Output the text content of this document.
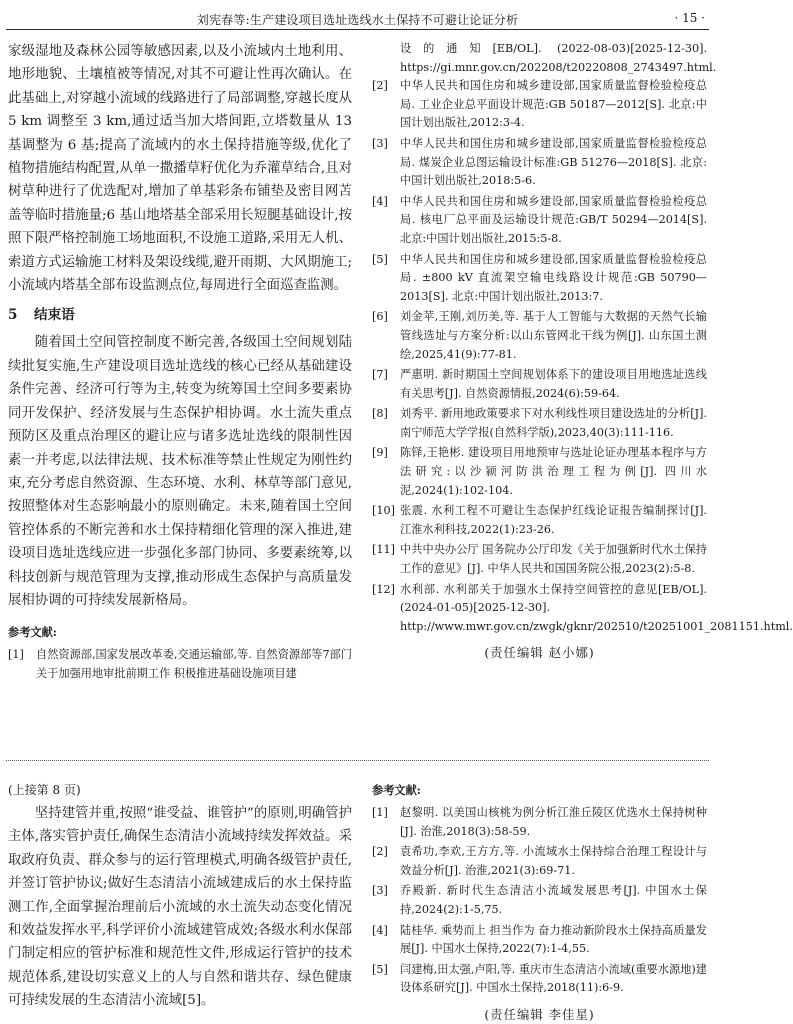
刘宪春等:生产建设项目选址选线水土保持不可避让论证分析	· 15 ·

家级湿地及森林公园等敏感因素,以及小流域内土地利用、地形地貌、土壤植被等情况,对其不可避让性再次确认。在此基础上,对穿越小流域的线路进行了局部调整,穿越长度从 5 km 调整至 3 km,通过适当加大塔间距,立塔数量从 13 基调整为 6 基;提高了流域内的水土保持措施等级,优化了植物措施结构配置,从单一撒播草籽优化为乔灌草结合,且对树草种进行了优选配对,增加了单基彩条布铺垫及密目网苫盖等临时措施量;6 基山地塔基全部采用长短腿基础设计,按照下限严格控制施工场地面积,不设施工道路,采用无人机、索道方式运输施工材料及架设线缆,避开雨期、大风期施工;小流域内塔基全部布设监测点位,每周进行全面巡查监测。

5 结束语

随着国土空间管控制度不断完善,各级国土空间规划陆续批复实施,生产建设项目选址选线的核心已经从基础建设条件完善、经济可行等为主,转变为统筹国土空间多要素协同开发保护、经济发展与生态保护相协调。水土流失重点预防区及重点治理区的避让应与诸多选址选线的限制性因素一并考虑,以法律法规、技术标准等禁止性规定为刚性约束,充分考虑自然资源、生态环境、水利、林草等部门意见,按照整体对生态影响最小的原则确定。未来,随着国土空间管控体系的不断完善和水土保持精细化管理的深入推进,建设项目选址选线应进一步强化多部门协同、多要素统筹,以科技创新与规范管理为支撑,推动形成生态保护与高质量发展相协调的可持续发展新格局。

参考文献:
[1] 自然资源部,国家发展改革委,交通运输部,等. 自然资源部等7部门关于加强用地审批前期工作 积极推进基础设施项目建
设的通知[EB/OL]. (2022-08-03)[2025-12-30]. https://gi.mnr.gov.cn/202208/t20220808_2743497.html.
[2] 中华人民共和国住房和城乡建设部,国家质量监督检验检疫总局. 工业企业总平面设计规范:GB 50187—2012[S]. 北京:中国计划出版社,2012:3-4.
[3] 中华人民共和国住房和城乡建设部,国家质量监督检验检疫总局. 煤炭企业总图运输设计标准:GB 51276—2018[S]. 北京:中国计划出版社,2018:5-6.
[4] 中华人民共和国住房和城乡建设部,国家质量监督检验检疫总局. 核电厂总平面及运输设计规范:GB/T 50294—2014[S]. 北京:中国计划出版社,2015:5-8.
[5] 中华人民共和国住房和城乡建设部,国家质量监督检验检疫总局. ±800 kV 直流架空输电线路设计规范:GB 50790—2013[S]. 北京:中国计划出版社,2013:7.
[6] 刘金苹,王刚,刘历美,等. 基于人工智能与大数据的天然气长输管线选址与方案分析:以山东管网北干线为例[J]. 山东国土测绘,2025,41(9):77-81.
[7] 严惠明. 新时期国土空间规划体系下的建设项目用地选址选线有关思考[J]. 自然资源情报,2024(6):59-64.
[8] 刘秀平. 新用地政策要求下对水利线性项目建设选址的分析[J]. 南宁师范大学学报(自然科学版),2023,40(3):111-116.
[9] 陈铎,王艳彬. 建设项目用地预审与选址论证办理基本程序与方法研究:以沙颍河防洪治理工程为例[J]. 四川水泥,2024(1):102-104.
[10] 张震. 水利工程不可避让生态保护红线论证报告编制探讨[J]. 江淮水利科技,2022(1):23-26.
[11] 中共中央办公厅 国务院办公厅印发《关于加强新时代水土保持工作的意见》[J]. 中华人民共和国国务院公报,2023(2):5-8.
[12] 水利部. 水利部关于加强水土保持空间管控的意见[EB/OL]. (2024-01-05)[2025-12-30]. http://www.mwr.gov.cn/zwgk/gknr/202510/t20251001_2081151.html.
(责任编辑 赵小娜)
(上接第 8 页)

坚持建管并重,按照“谁受益、谁管护”的原则,明确管护主体,落实管护责任,确保生态清洁小流域持续发挥效益。采取政府负责、群众参与的运行管理模式,明确各级管护责任,并签订管护协议;做好生态清洁小流域建成后的水土保持监测工作,全面掌握治理前后小流域的水土流失动态变化情况和效益发挥水平,科学评价小流域建管成效;各级水利水保部门制定相应的管护标准和规范性文件,形成运行管护的技术规范体系,建设切实意义上的人与自然和谐共存、绿色健康可持续发展的生态清洁小流域[5]。

参考文献:
[1] 赵黎明. 以美国山核桃为例分析江淮丘陵区优选水土保持树种[J]. 治淮,2018(3):58-59.
[2] 袁希功,李欢,王方方,等. 小流域水土保持综合治理工程设计与效益分析[J]. 治淮,2021(3):69-71.
[3] 乔殿新. 新时代生态清洁小流域发展思考[J]. 中国水土保持,2024(2):1-5,75.
[4] 陆桂华. 乘势而上 担当作为 奋力推动新阶段水土保持高质量发展[J]. 中国水土保持,2022(7):1-4,55.
[5] 闫建梅,田太强,卢阳,等. 重庆市生态清洁小流域(重要水源地)建设体系研究[J]. 中国水土保持,2018(11):6-9.
(责任编辑 李佳星)
